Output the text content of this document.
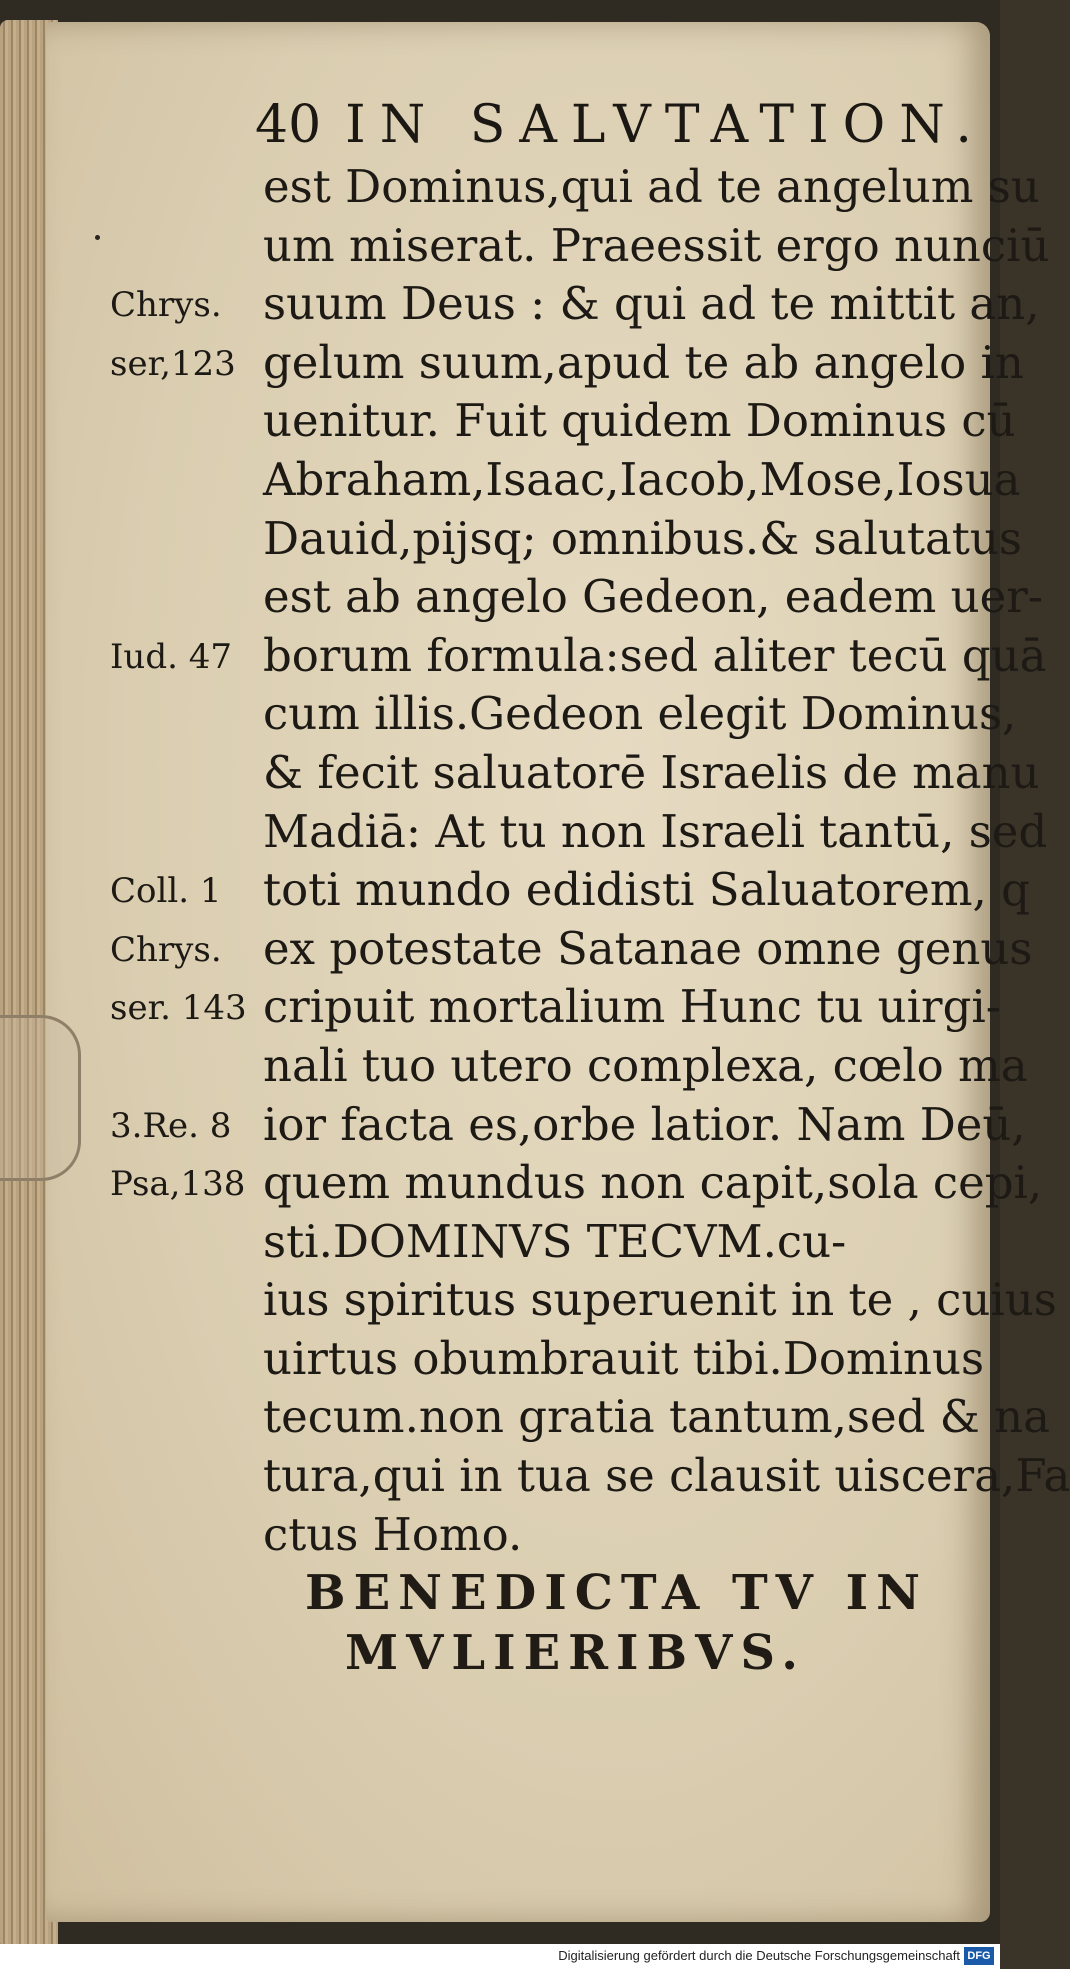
40 IN SALVTATION.
est Dominus,qui ad te angelum su
um miserat. Praeessit ergo nunciū
suum Deus : & qui ad te mittit an,
gelum suum,apud te ab angelo in
uenitur. Fuit quidem Dominus cū
Abraham,Isaac,Iacob,Mose,Iosua
Dauid,pijsq; omnibus.& salutatus
est ab angelo Gedeon, eadem uer-
borum formula:sed aliter tecū quā
cum illis.Gedeon elegit Dominus,
& fecit saluatorē Israelis de manu
Madiā: At tu non Israeli tantū, sed
toti mundo edidisti Saluatorem, q
ex potestate Satanae omne genus
cripuit mortalium Hunc tu uirgi-
nali tuo utero complexa, cœlo ma
ior facta es,orbe latior. Nam Deū,
quem mundus non capit,sola cepi,
sti.DOMINVS TECVM.cu-
ius spiritus superuenit in te , cuius
uirtus obumbrauit tibi.Dominus
tecum.non gratia tantum,sed & na
tura,qui in tua se clausit uiscera,Fa
ctus Homo.
Chrys.
ser,123
Iud. 47
Coll. 1
Chrys.
ser. 143
3.Re. 8
Psa,138
BENEDICTA TV IN
MVLIERIBVS.
Digitalisierung gefördert durch die Deutsche Forschungsgemeinschaft DFG
